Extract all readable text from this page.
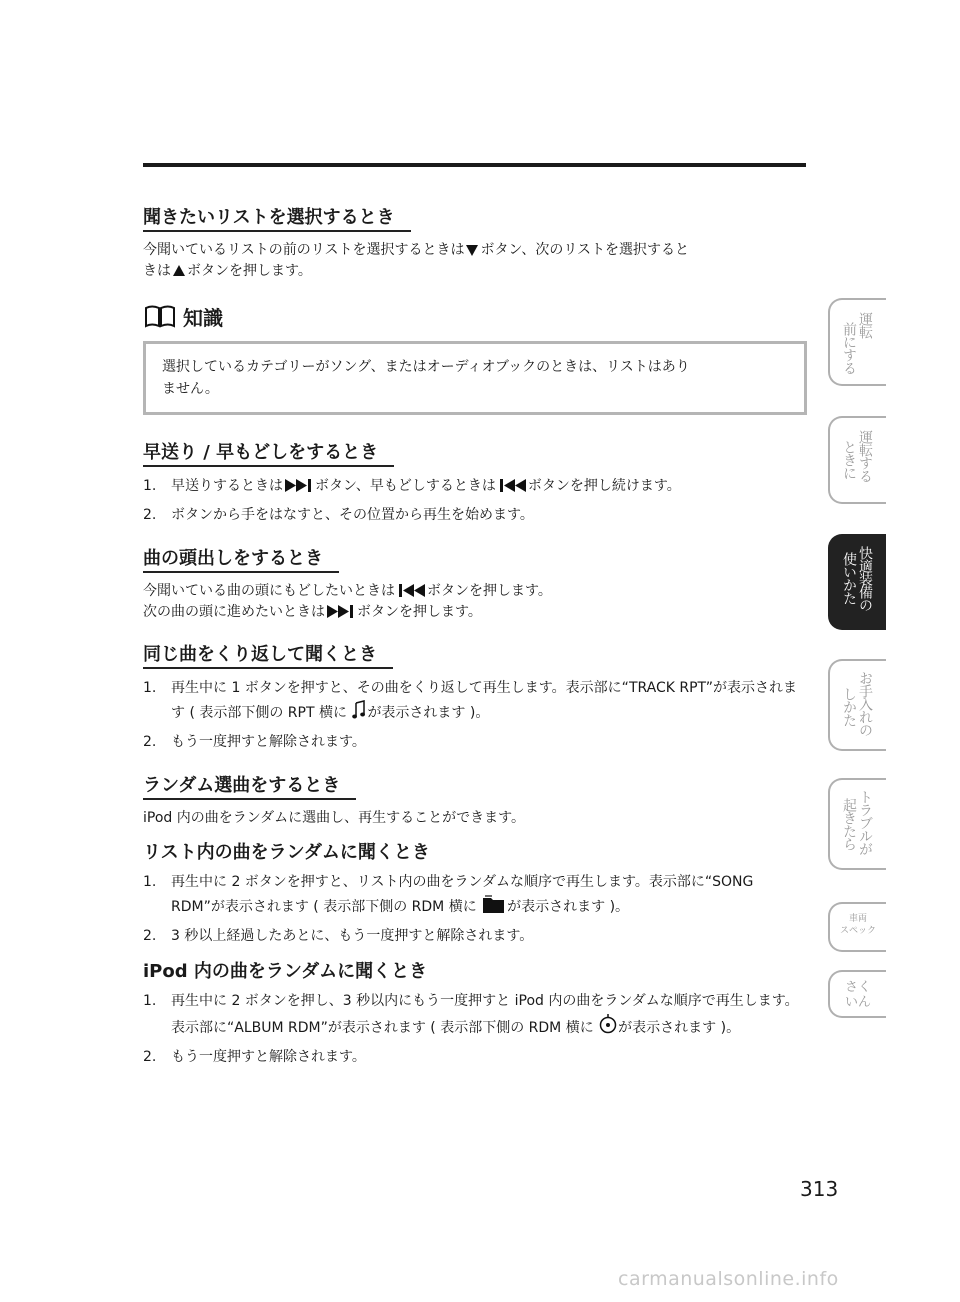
聞きたいリストを選択するとき

今聞いているリストの前のリストを選択するときは ボタン、次のリストを選択すると
きは ボタンを押します。

知識

選択しているカテゴリーがソング、またはオーディオブックのときは、リストはあり
ません。

早送り / 早もどしをするとき
1. 早送りするときは ボタン、早もどしするときは ボタンを押し続けます。
2. ボタンから手をはなすと、その位置から再生を始めます。
曲の頭出しをするとき

今聞いている曲の頭にもどしたいときは ボタンを押します。
次の曲の頭に進めたいときは ボタンを押します。

同じ曲をくり返して聞くとき
1. 再生中に 1 ボタンを押すと、その曲をくり返して再生します。表示部に“TRACK RPT”が表示されます ( 表示部下側の RPT 横に が表示されます )。
2. もう一度押すと解除されます。
ランダム選曲をするとき

iPod 内の曲をランダムに選曲し、再生することができます。

リスト内の曲をランダムに聞くとき
1. 再生中に 2 ボタンを押すと、リスト内の曲をランダムな順序で再生します。表示部に“SONG RDM”が表示されます ( 表示部下側の RDM 横に が表示されます )。
2. 3 秒以上経過したあとに、もう一度押すと解除されます。
iPod 内の曲をランダムに聞くとき
1. 再生中に 2 ボタンを押し、3 秒以内にもう一度押すと iPod 内の曲をランダムな順序で再生します。表示部に“ALBUM RDM”が表示されます ( 表示部下側の RDM 横に が表示されます )。
2. もう一度押すと解除されます。
運転
前にする
運転する
ときに
快適装備の
使いかた
お手入れの
しかた
トラブルが
起きたら
車両
スペック
さく
いん
313
carmanualsonline.info
